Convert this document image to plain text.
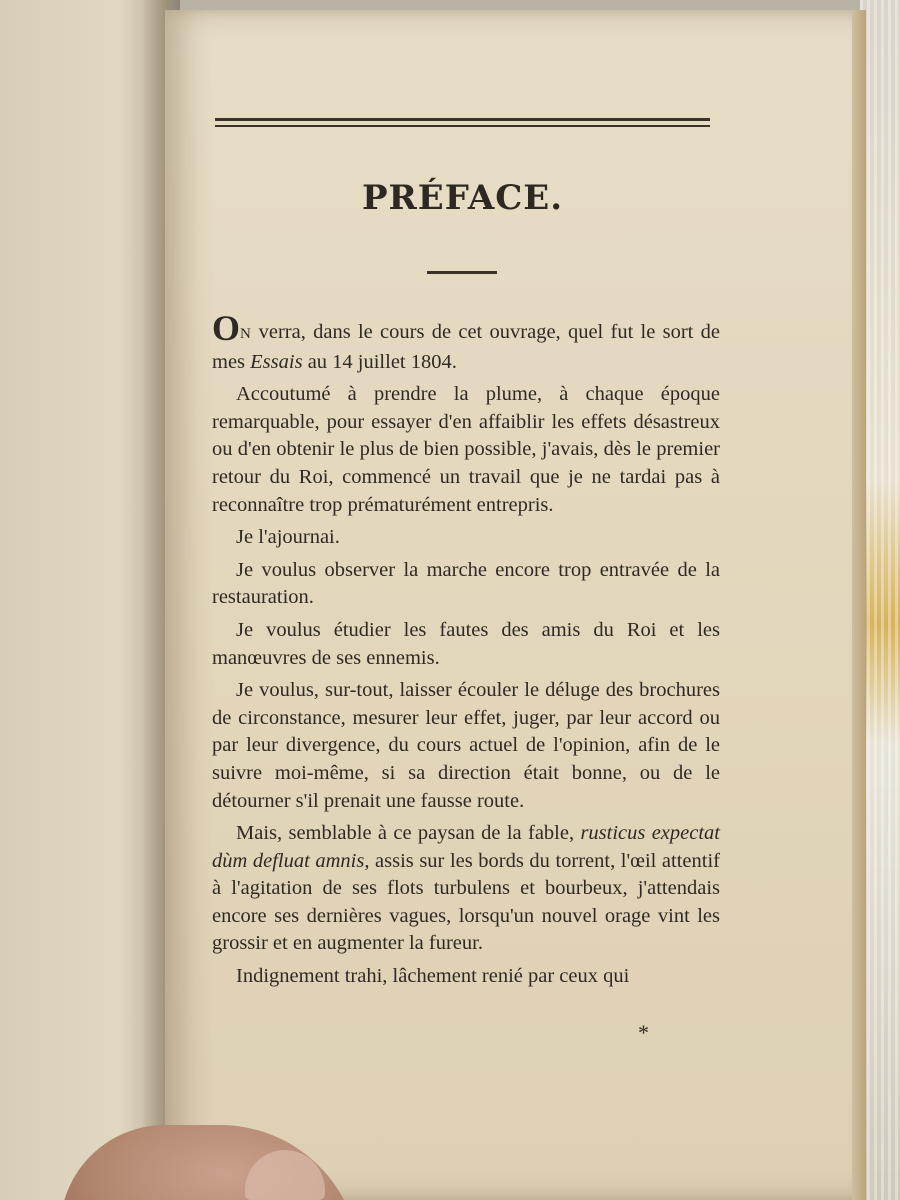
PRÉFACE.

ON verra, dans le cours de cet ouvrage, quel fut le sort de mes Essais au 14 juillet 1804.

Accoutumé à prendre la plume, à chaque époque remarquable, pour essayer d'en affaiblir les effets désastreux ou d'en obtenir le plus de bien possible, j'avais, dès le premier retour du Roi, commencé un travail que je ne tardai pas à reconnaître trop prématurément entrepris.

Je l'ajournai.

Je voulus observer la marche encore trop entravée de la restauration.

Je voulus étudier les fautes des amis du Roi et les manœuvres de ses ennemis.

Je voulus, sur-tout, laisser écouler le déluge des brochures de circonstance, mesurer leur effet, juger, par leur accord ou par leur divergence, du cours actuel de l'opinion, afin de le suivre moi-même, si sa direction était bonne, ou de le détourner s'il prenait une fausse route.

Mais, semblable à ce paysan de la fable, rusticus expectat dùm defluat amnis, assis sur les bords du torrent, l'œil attentif à l'agitation de ses flots turbulens et bourbeux, j'attendais encore ses dernières vagues, lorsqu'un nouvel orage vint les grossir et en augmenter la fureur.

Indignement trahi, lâchement renié par ceux qui

*
